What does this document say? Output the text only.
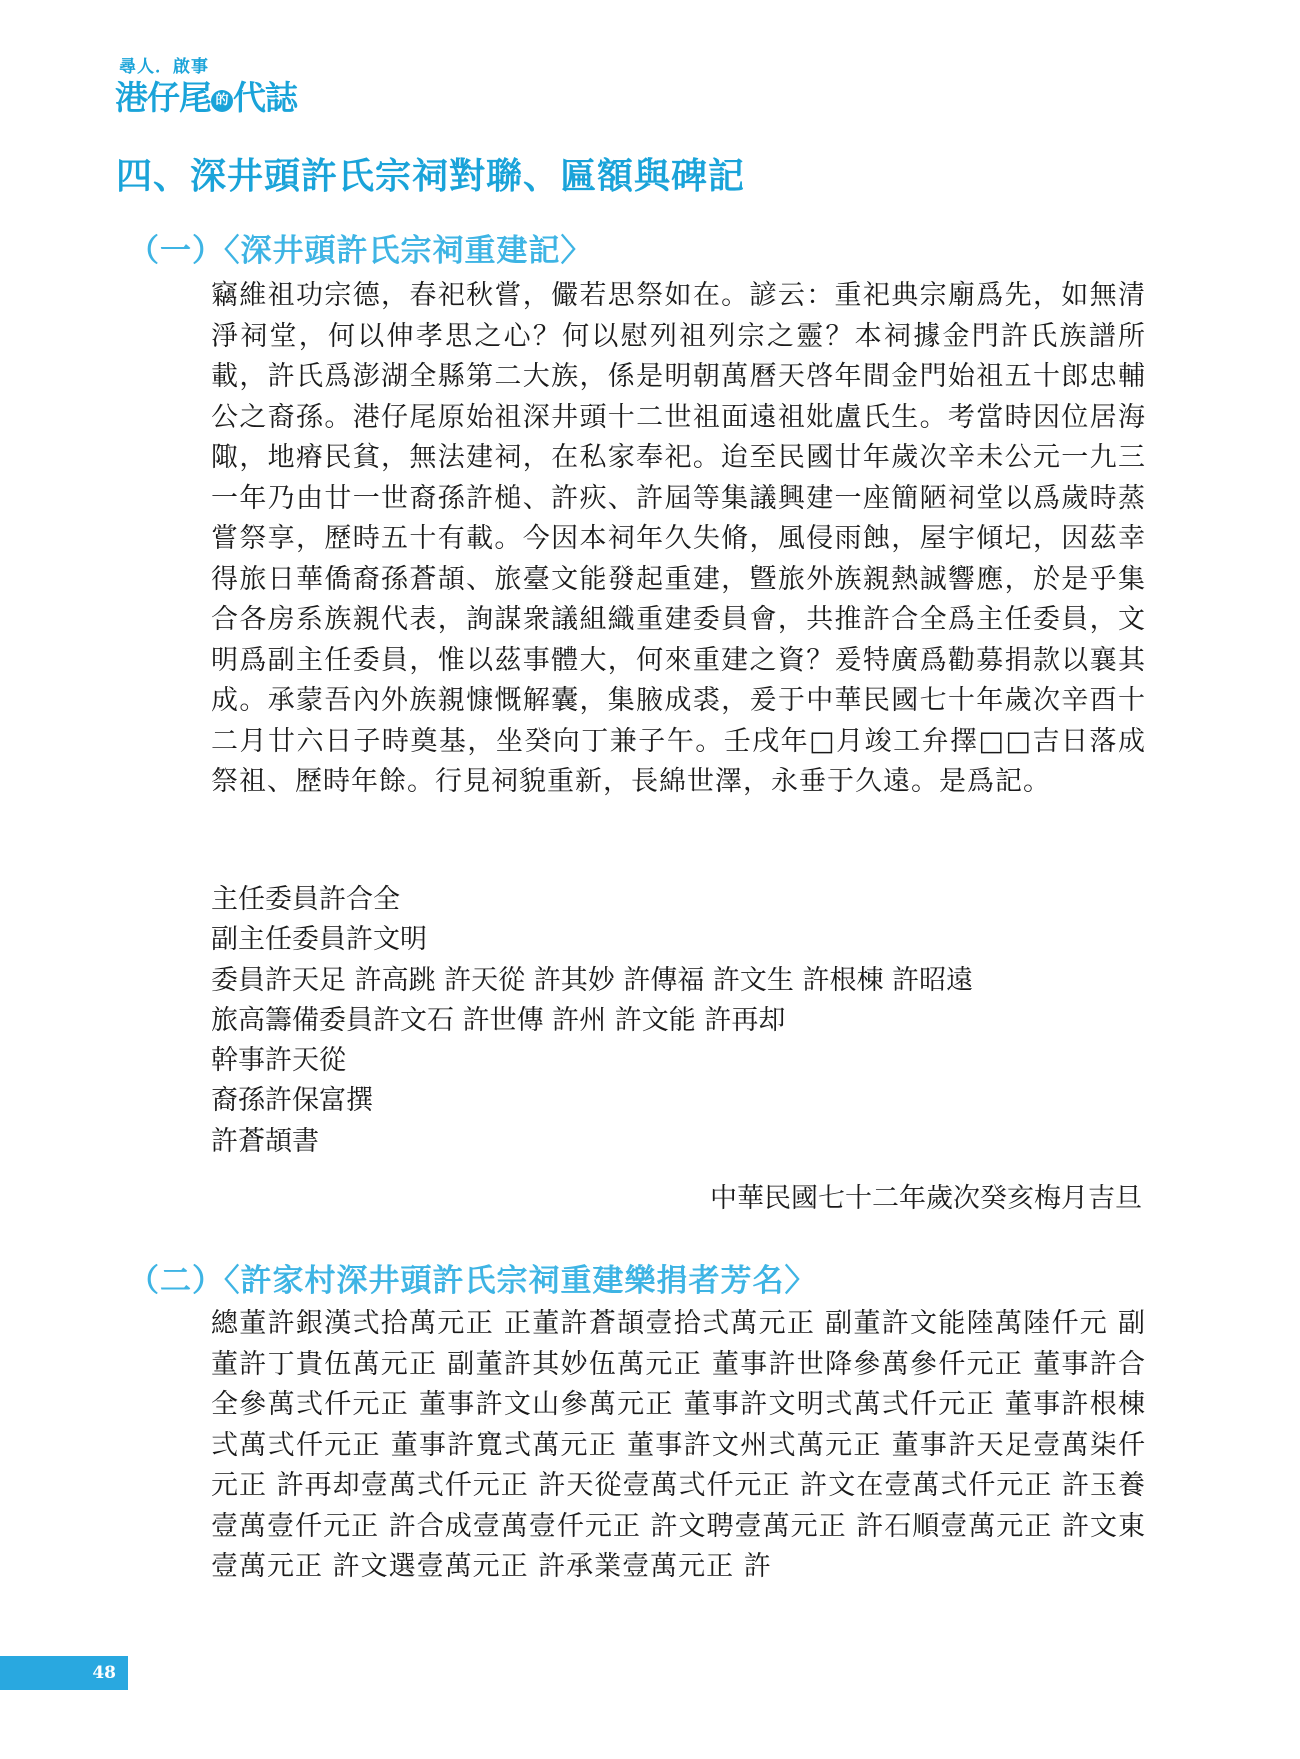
尋人．啟事
港仔尾 的 代誌
四、深井頭許氏宗祠對聯、匾額與碑記
（一）〈深井頭許氏宗祠重建記〉

竊維祖功宗德，春祀秋嘗，儼若思祭如在。諺云：重祀典宗廟爲先，如無清淨祠堂，何以伸孝思之心？何以慰列祖列宗之靈？本祠據金門許氏族譜所載，許氏爲澎湖全縣第二大族，係是明朝萬曆天啓年間金門始祖五十郎忠輔公之裔孫。港仔尾原始祖深井頭十二世祖面遠祖妣盧氏生。考當時因位居海陬，地瘠民貧，無法建祠，在私家奉祀。迨至民國廿年歲次辛未公元一九三一年乃由廿一世裔孫許槌、許疢、許屆等集議興建一座簡陋祠堂以爲歲時蒸嘗祭享，歷時五十有載。今因本祠年久失脩，風侵雨蝕，屋宇傾圮，因茲幸得旅日華僑裔孫蒼頡、旅臺文能發起重建，曁旅外族親熱誠響應，於是乎集合各房系族親代表，詢謀衆議組織重建委員會，共推許合全爲主任委員，文明爲副主任委員，惟以茲事體大，何來重建之資？爰特廣爲勸募捐款以襄其成。承蒙吾內外族親慷慨解囊，集腋成裘，爰于中華民國七十年歲次辛酉十二月廿六日子時奠基，坐癸向丁兼子午。壬戌年□月竣工弁擇□□吉日落成祭祖、歷時年餘。行見祠貌重新，長綿世澤，永垂于久遠。是爲記。

主任委員許合全
副主任委員許文明
委員許天足 許高跳 許天從 許其妙 許傳福 許文生 許根棟 許昭遠
旅高籌備委員許文石 許世傳 許州 許文能 許再却
幹事許天從
裔孫許保富撰
許蒼頡書
中華民國七十二年歲次癸亥梅月吉旦
（二）〈許家村深井頭許氏宗祠重建樂捐者芳名〉

總董許銀漢弍拾萬元正 正董許蒼頡壹拾弍萬元正 副董許文能陸萬陸仟元 副董許丁貴伍萬元正 副董許其妙伍萬元正 董事許世降參萬參仟元正 董事許合全參萬弍仟元正 董事許文山參萬元正 董事許文明弍萬弍仟元正 董事許根棟弍萬弍仟元正 董事許寬弍萬元正 董事許文州弍萬元正 董事許天足壹萬柒仟元正 許再却壹萬弍仟元正 許天從壹萬弍仟元正 許文在壹萬弍仟元正 許玉養壹萬壹仟元正 許合成壹萬壹仟元正 許文聘壹萬元正 許石順壹萬元正 許文東壹萬元正 許文選壹萬元正 許承業壹萬元正 許

48
